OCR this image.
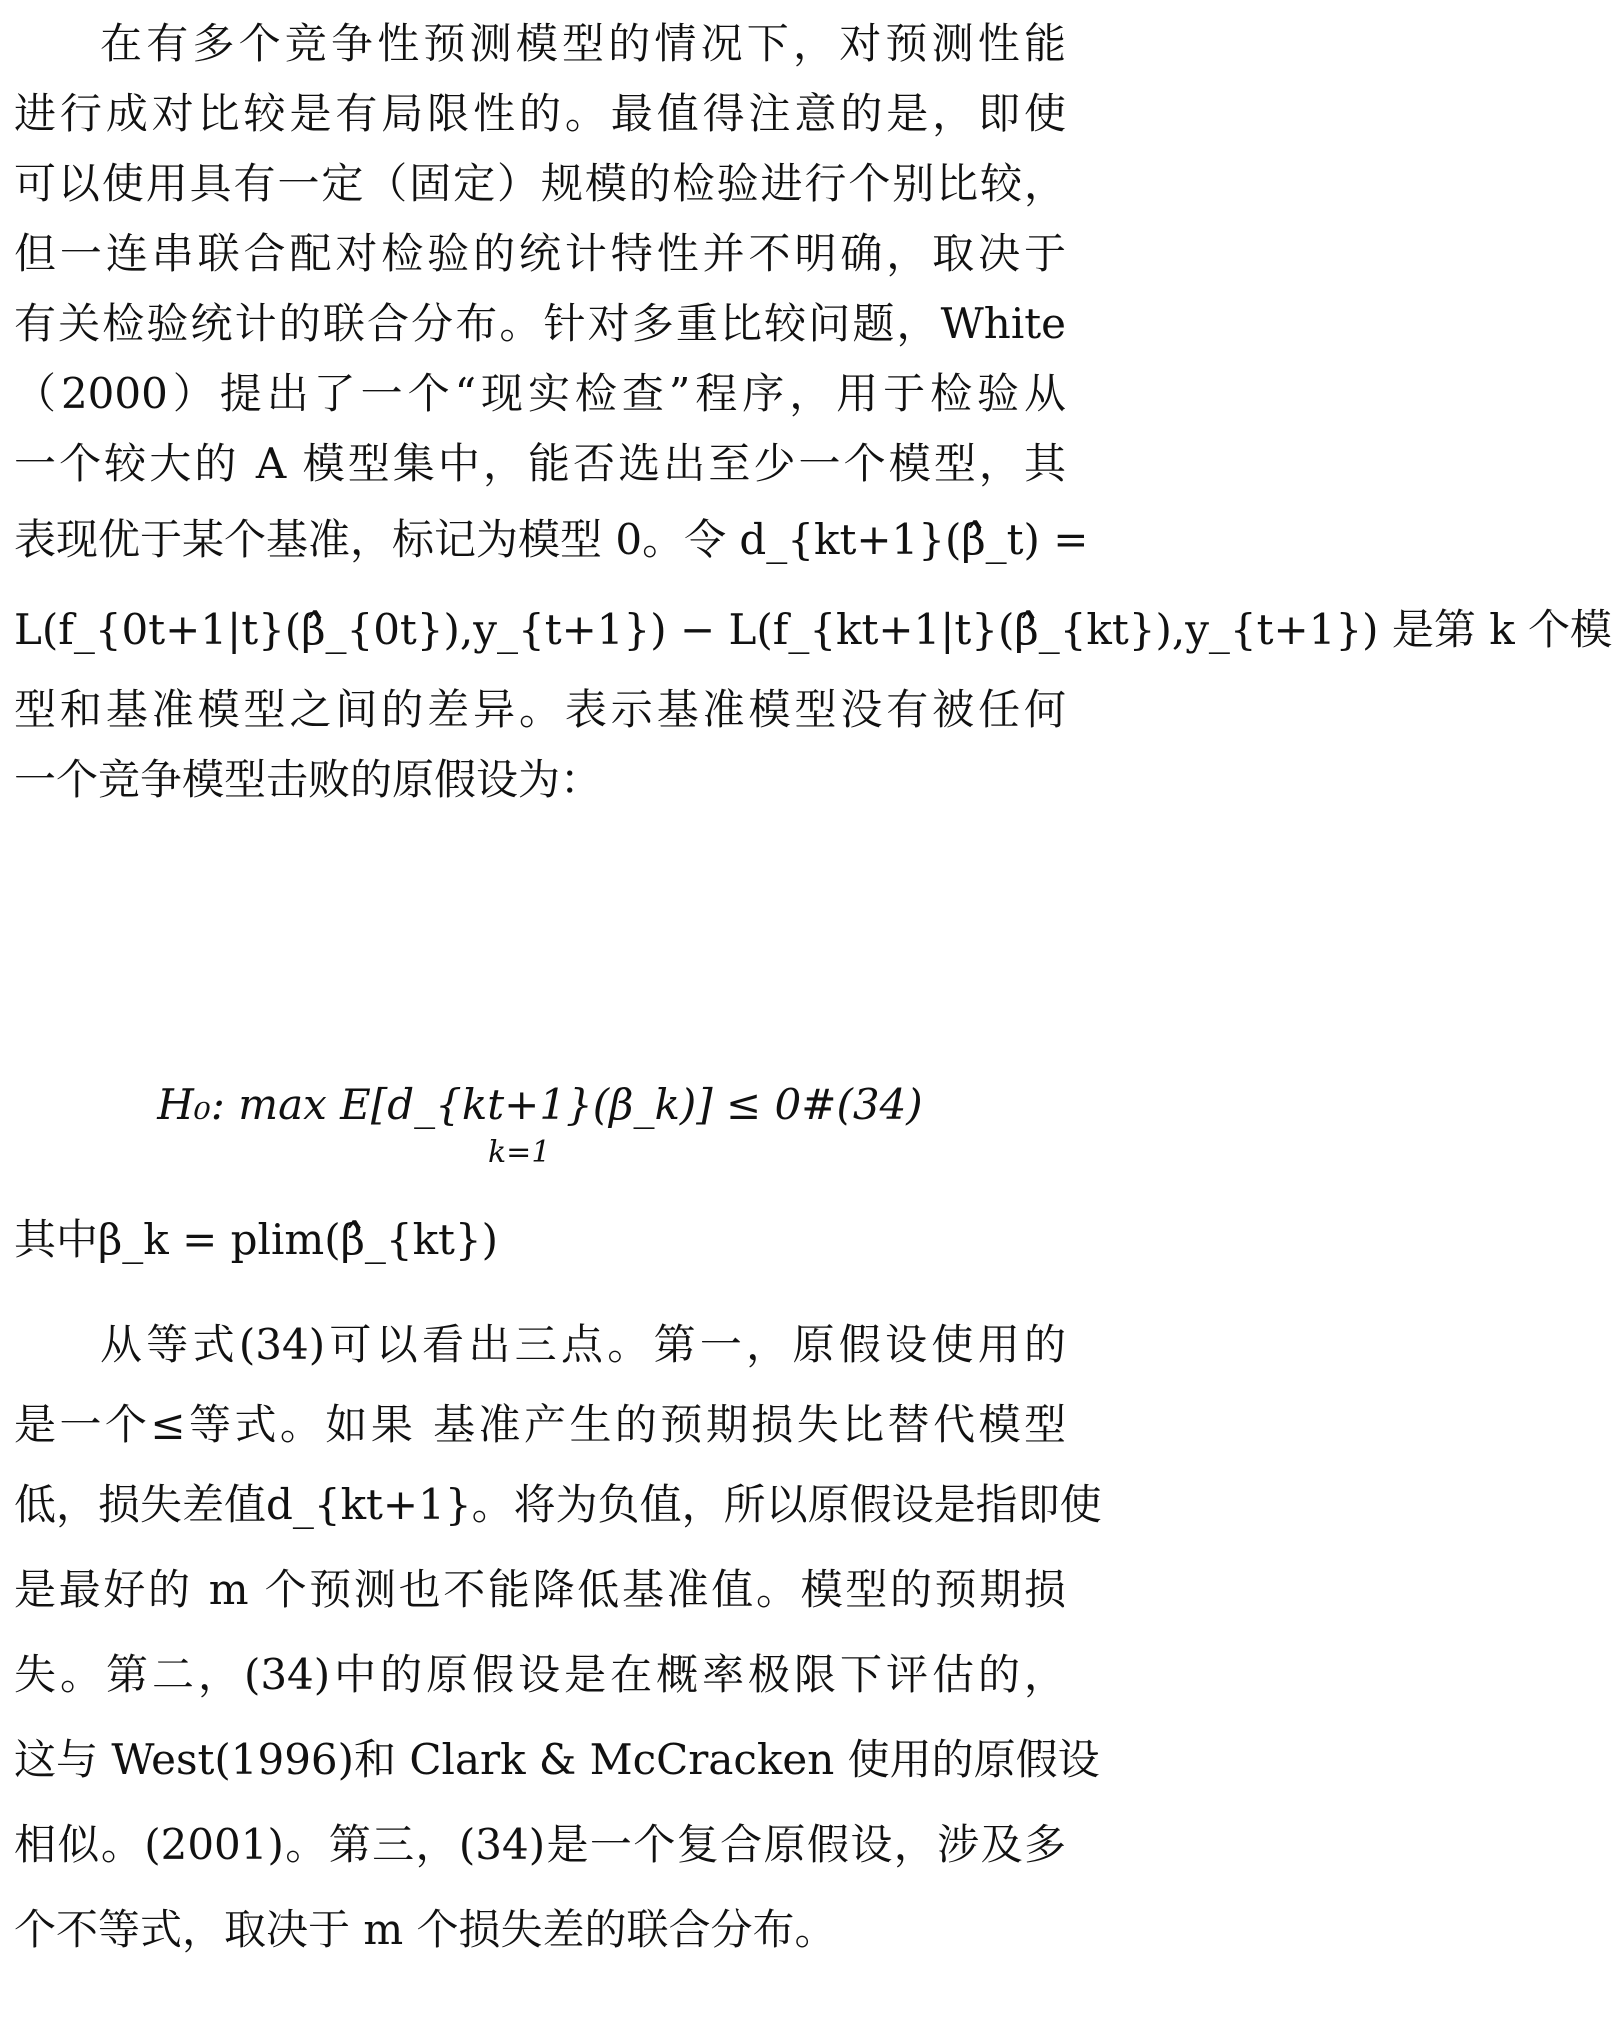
在有多个竞争性预测模型的情况下，对预测性能
进行成对比较是有局限性的。最值得注意的是，即使
可以使用具有一定（固定）规模的检验进行个别比较，
但一连串联合配对检验的统计特性并不明确，取决于
有关检验统计的联合分布。针对多重比较问题，White
（2000）提出了一个“现实检查”程序，用于检验从
一个较大的 A 模型集中，能否选出至少一个模型，其
表现优于某个基准，标记为模型 0。令 d_{kt+1}(β̂_t) =
L(f_{0t+1|t}(β̂_{0t}),y_{t+1}) − L(f_{kt+1|t}(β̂_{kt}),y_{t+1}) 是第 k 个模
型和基准模型之间的差异。表示基准模型没有被任何
一个竞争模型击败的原假设为：
H₀: max E[d_{kt+1}(β_k)] ≤ 0#(34)
k=1
其中β_k = plim(β̂_{kt})
从等式(34)可以看出三点。第一，原假设使用的
是一个≤等式。如果 基准产生的预期损失比替代模型
低，损失差值d_{kt+1}。将为负值，所以原假设是指即使
是最好的 m 个预测也不能降低基准值。模型的预期损
失。第二，(34)中的原假设是在概率极限下评估的，
这与 West(1996)和 Clark & McCracken 使用的原假设
相似。(2001)。第三，(34)是一个复合原假设，涉及多
个不等式，取决于 m 个损失差的联合分布。
